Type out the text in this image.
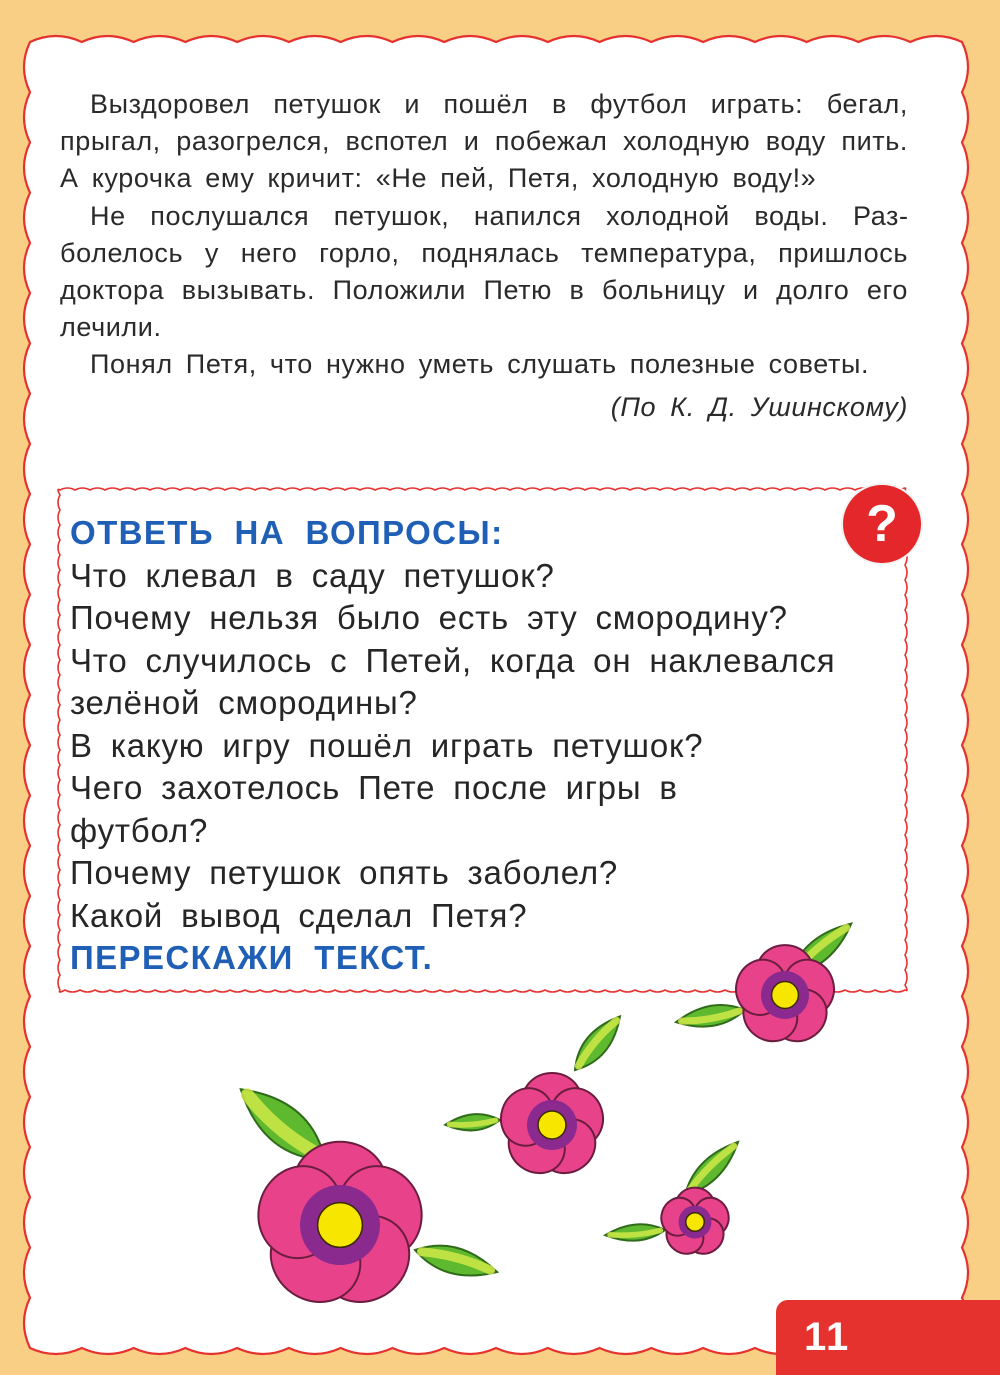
Выздоровел петушок и пошёл в футбол играть: бегал, прыгал, разогрелся, вспотел и побежал холодную воду пить. А курочка ему кричит: «Не пей, Петя, холодную воду!»

Не послушался петушок, напился холодной воды. Разболелось у него горло, поднялась температура, пришлось доктора вызывать. Положили Петю в больницу и долго его лечили.

Понял Петя, что нужно уметь слушать полезные советы.

(По К. Д. Ушинскому)

ОТВЕТЬ НА ВОПРОСЫ:
Что клевал в саду петушок?
Почему нельзя было есть эту смородину?
Что случилось с Петей, когда он наклевался
зелёной смородины?
В какую игру пошёл играть петушок?
Чего захотелось Пете после игры в
футбол?
Почему петушок опять заболел?
Какой вывод сделал Петя?
ПЕРЕСКАЖИ ТЕКСТ.
?
11
